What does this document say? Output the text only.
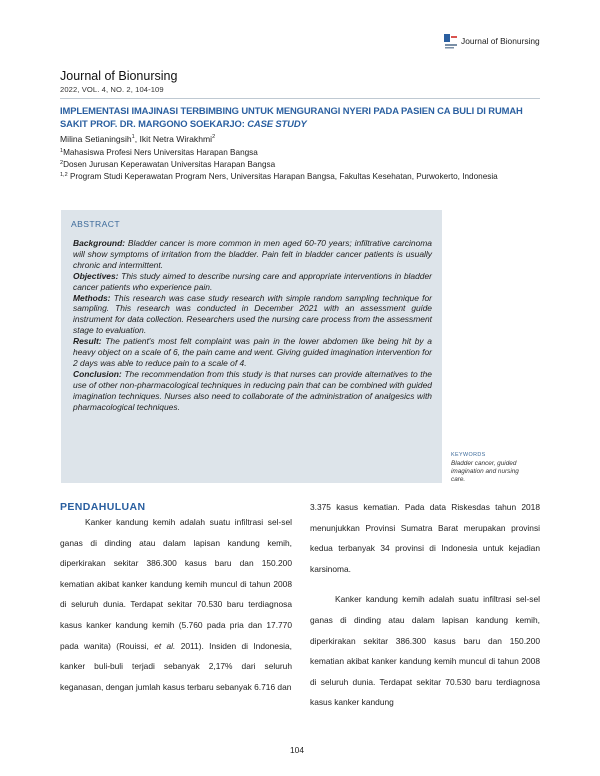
Journal of Bionursing
Journal of Bionursing
2022, VOL. 4, NO. 2, 104-109
IMPLEMENTASI IMAJINASI TERBIMBING UNTUK MENGURANGI NYERI PADA PASIEN CA BULI DI RUMAH SAKIT PROF. DR. MARGONO SOEKARJO: CASE STUDY
Milina Setianingsih$^1$, Ikit Netra Wirakhmi$^2$
$^1$Mahasiswa Profesi Ners Universitas Harapan Bangsa
$^2$Dosen Jurusan Keperawatan Universitas Harapan Bangsa
$^{1,2}$ Program Studi Keperawatan Program Ners, Universitas Harapan Bangsa, Fakultas Kesehatan, Purwokerto, Indonesia
ABSTRACT

Background: Bladder cancer is more common in men aged 60-70 years; infiltrative carcinoma will show symptoms of irritation from the bladder. Pain felt in bladder cancer patients is usually chronic and intermittent.

Objectives: This study aimed to describe nursing care and appropriate interventions in bladder cancer patients who experience pain.

Methods: This research was case study research with simple random sampling technique for sampling. This research was conducted in December 2021 with an assessment guide instrument for data collection. Researchers used the nursing care process from the assessment stage to evaluation.

Result: The patient's most felt complaint was pain in the lower abdomen like being hit by a heavy object on a scale of 6, the pain came and went. Giving guided imagination intervention for 2 days was able to reduce pain to a scale of 4.

Conclusion: The recommendation from this study is that nurses can provide alternatives to the use of other non-pharmacological techniques in reducing pain that can be combined with guided imagination techniques. Nurses also need to collaborate of the administration of analgesics with pharmacological techniques.

KEYWORDS
Bladder cancer, guided imagination and nursing care.
PENDAHULUAN

Kanker kandung kemih adalah suatu infiltrasi sel-sel ganas di dinding atau dalam lapisan kandung kemih, diperkirakan sekitar 386.300 kasus baru dan 150.200 kematian akibat kanker kandung kemih muncul di tahun 2008 di seluruh dunia. Terdapat sekitar 70.530 baru terdiagnosa kasus kanker kandung kemih (5.760 pada pria dan 17.770 pada wanita) (Rouissi, et al. 2011). Insiden di Indonesia, kanker buli-buli terjadi sebanyak 2,17% dari seluruh keganasan, dengan jumlah kasus terbaru sebanyak 6.716 dan

3.375 kasus kematian. Pada data Riskesdas tahun 2018 menunjukkan Provinsi Sumatra Barat merupakan provinsi kedua terbanyak 34 provinsi di Indonesia untuk kejadian karsinoma.

Kanker kandung kemih adalah suatu infiltrasi sel-sel ganas di dinding atau dalam lapisan kandung kemih, diperkirakan sekitar 386.300 kasus baru dan 150.200 kematian akibat kanker kandung kemih muncul di tahun 2008 di seluruh dunia. Terdapat sekitar 70.530 baru terdiagnosa kasus kanker kandung

104
